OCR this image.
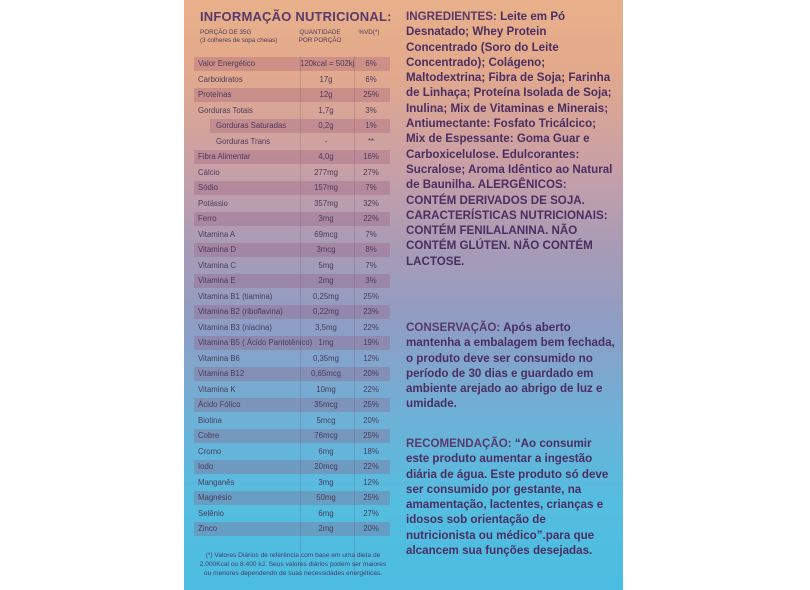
INFORMAÇÃO NUTRICIONAL:
PORÇÃO DE 35G
(3 colheres de sopa cheias)
QUANTIDADE POR PORÇÃO
%VD(*)
Valor Energético	120kcal = 502kj	6%
Carboidratos	17g	6%
Proteínas	12g	25%
Gorduras Totais	1,7g	3%
Gorduras Saturadas	0,2g	1%
Gorduras Trans	-	**
Fibra Alimentar	4,0g	16%
Cálcio	277mg	27%
Sódio	157mg	7%
Potássio	357mg	32%
Ferro	3mg	22%
Vitamina A	69mcg	7%
Vitamina D	3mcg	8%
Vitamina C	5mg	7%
Vitamina E	2mg	3%
Vitamina B1 (tiamina)	0,25mg	25%
Vitamina B2 (riboflavina)	0,22mg	23%
Vitamina B3 (niacina)	3,5mg	22%
Vitamina B5 ( Ácido Pantotênico) 1mg	19%
Vitamina B6	0,35mg	12%
Vitamina B12	0,65mcg	20%
Vitamina K	10mg	22%
Ácido Fólico	35mcg	25%
Biotina	5mcg	20%
Cobre	76mcg	25%
Cromo	6mg	18%
Iodo	20mcg	22%
Manganês	3mg	12%
Magnésio	50mg	25%
Selênio	6mg	27%
Zinco	2mg	20%
(*) Valores Diários de referência com base em uma dieta de 2.000Kcal ou 8.400 kJ. Seus valores diários podem ser maiores ou menores dependendo de suas necessidades energéticas.
INGREDIENTES: Leite em Pó Desnatado; Whey Protein Concentrado (Soro do Leite Concentrado); Colágeno; Maltodextrina; Fibra de Soja; Farinha de Linhaça; Proteína Isolada de Soja; Inulina; Mix de Vitaminas e Minerais; Antiumectante: Fosfato Tricálcico; Mix de Espessante: Goma Guar e Carboxicelulose. Edulcorantes: Sucralose; Aroma Idêntico ao Natural de Baunilha. ALERGÊNICOS: CONTÉM DERIVADOS DE SOJA. CARACTERÍSTICAS NUTRICIONAIS: CONTÉM FENILALANINA. NÃO CONTÉM GLÚTEN. NÃO CONTÉM LACTOSE.
CONSERVAÇÃO: Após aberto mantenha a embalagem bem fechada, o produto deve ser consumido no período de 30 dias e guardado em ambiente arejado ao abrigo de luz e umidade.
RECOMENDAÇÃO: “Ao consumir este produto aumentar a ingestão diária de água. Este produto só deve ser consumido por gestante, na amamentação, lactentes, crianças e idosos sob orientação de nutricionista ou médico”.para que alcancem sua funções desejadas.
